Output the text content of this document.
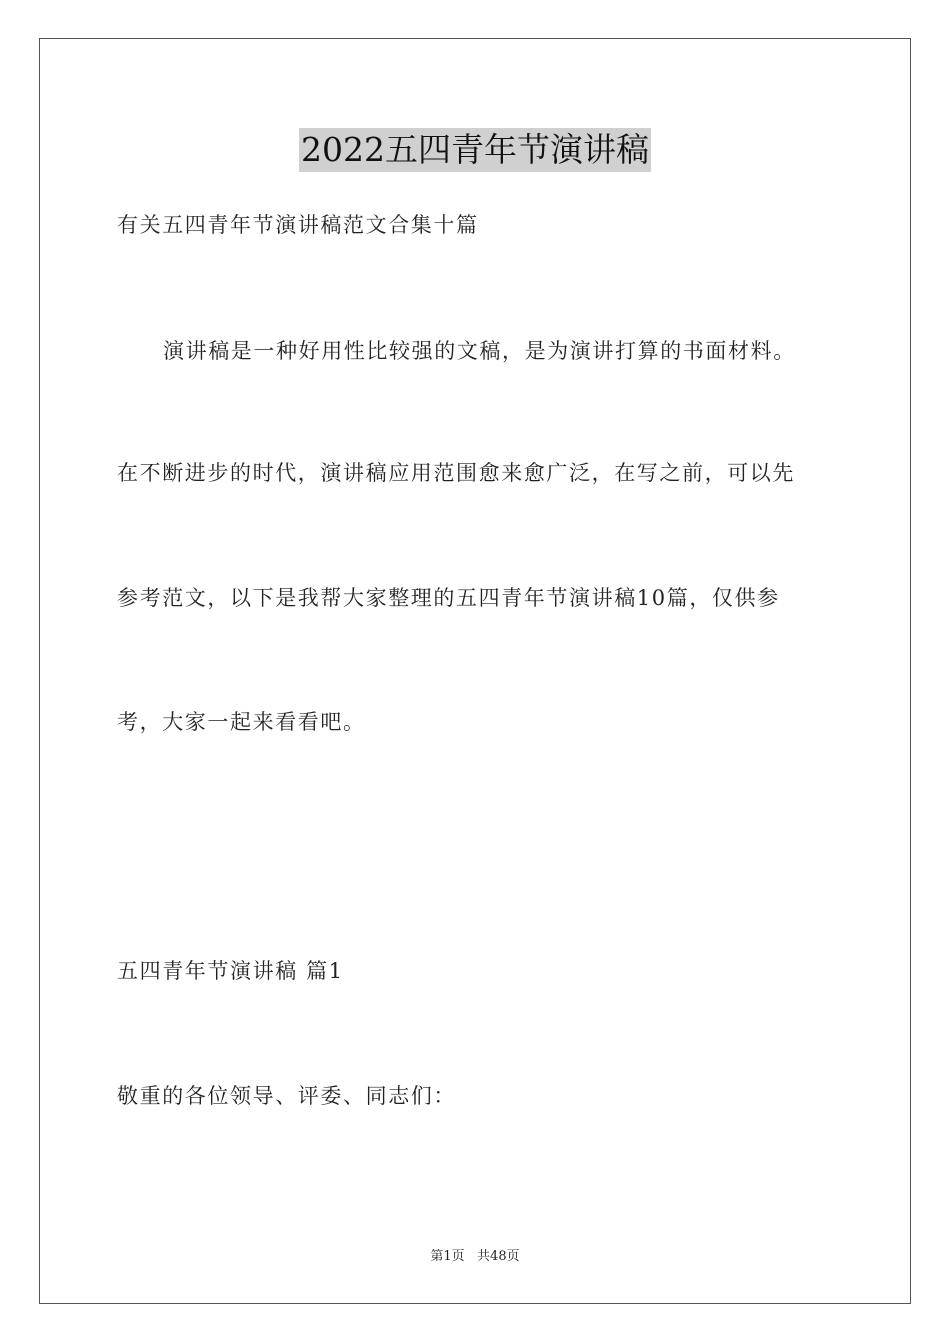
2022五四青年节演讲稿
有关五四青年节演讲稿范文合集十篇
演讲稿是一种好用性比较强的文稿，是为演讲打算的书面材料。
在不断进步的时代，演讲稿应用范围愈来愈广泛，在写之前，可以先
参考范文，以下是我帮大家整理的五四青年节演讲稿10篇，仅供参
考，大家一起来看看吧。
五四青年节演讲稿 篇1
敬重的各位领导、评委、同志们：
第1页   共48页
